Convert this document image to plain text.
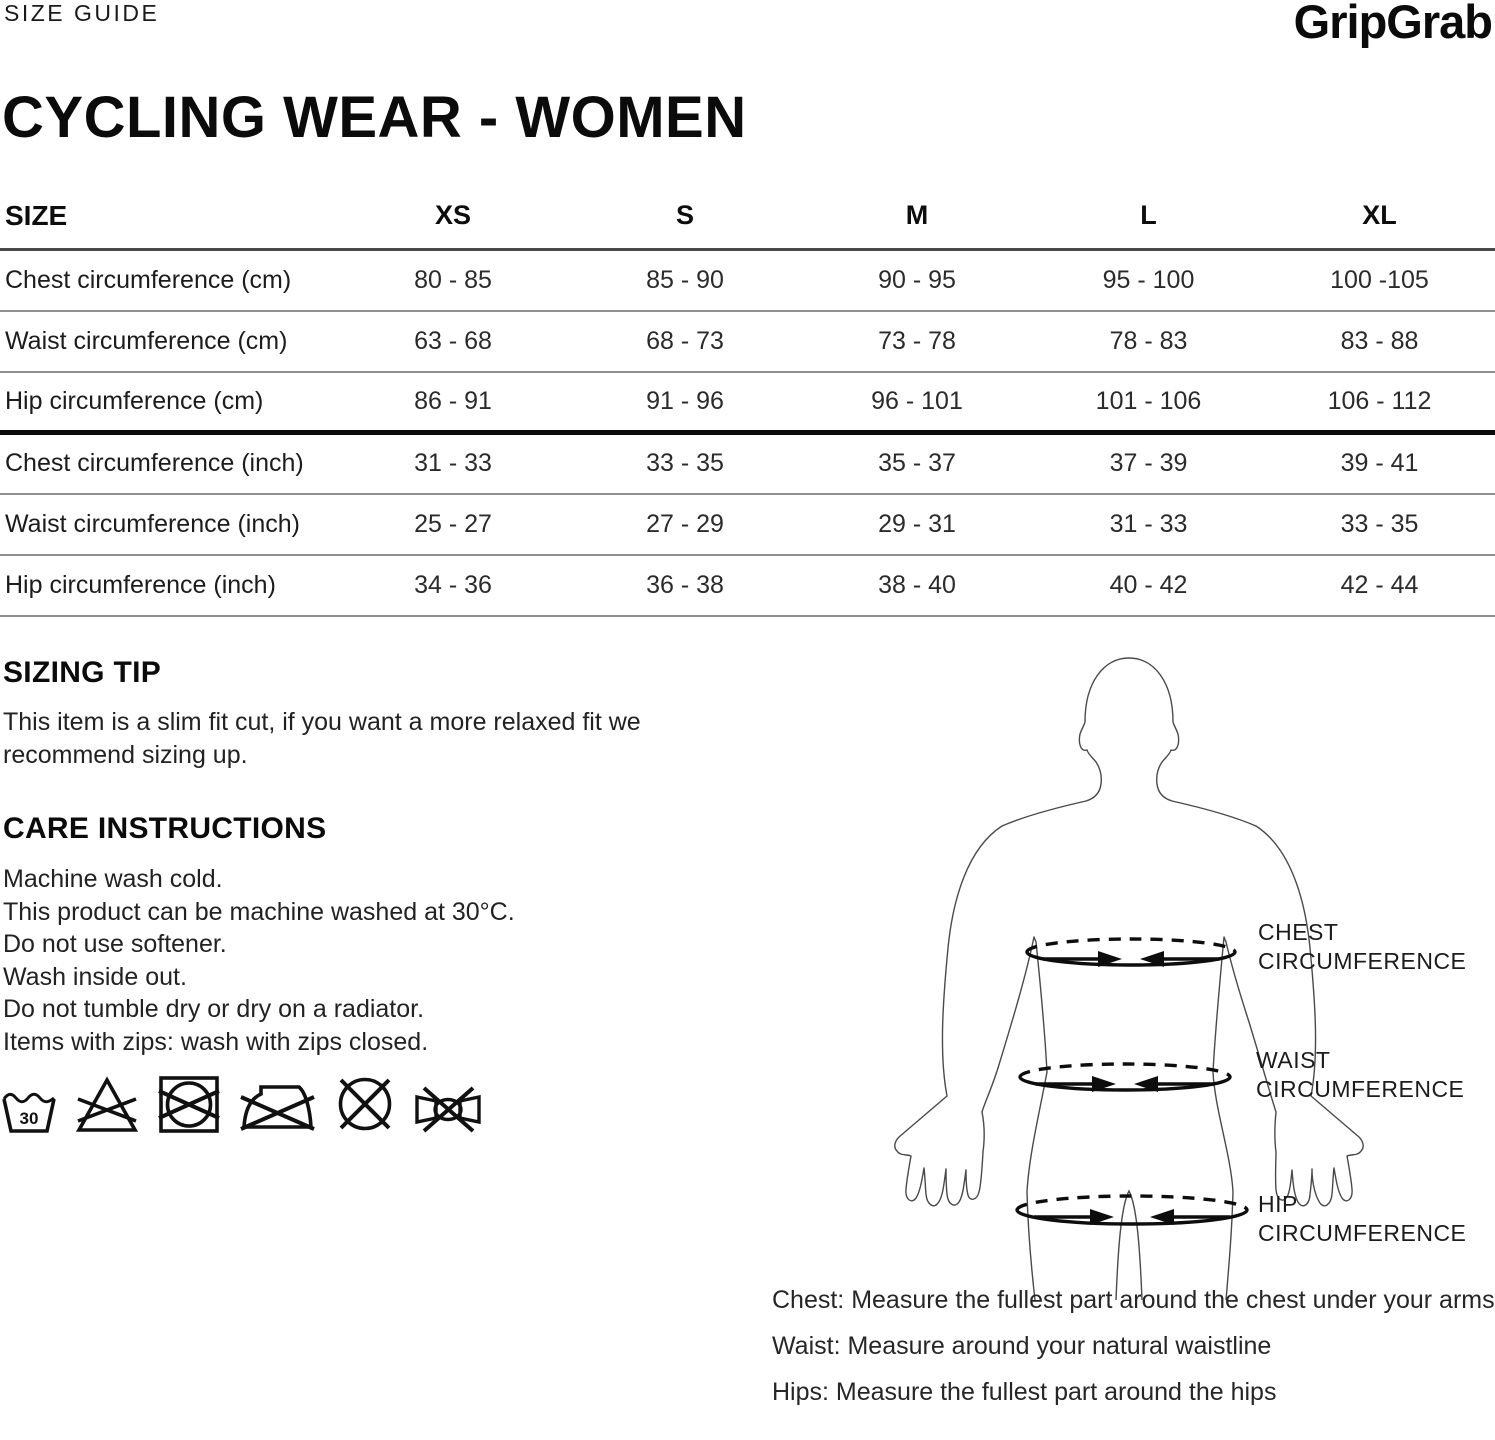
SIZE GUIDE	GripGrab
CYCLING WEAR - WOMEN
SIZE	XS	S	M	L	XL
Chest circumference (cm)	80 - 85	85 - 90	90 - 95	95 - 100	100 -105
Waist circumference (cm)	63 - 68	68 - 73	73 - 78	78 - 83	83 - 88
Hip circumference (cm)	86 - 91	91 - 96	96 - 101	101 - 106	106 - 112
Chest circumference (inch)	31 - 33	33 - 35	35 - 37	37 - 39	39 - 41
Waist circumference (inch)	25 - 27	27 - 29	29 - 31	31 - 33	33 - 35
Hip circumference (inch)	34 - 36	36 - 38	38 - 40	40 - 42	42 - 44
SIZING TIP
This item is a slim fit cut, if you want a more relaxed fit we recommend sizing up.
CARE INSTRUCTIONS
Machine wash cold.
This product can be machine washed at 30°C.
Do not use softener.
Wash inside out.
Do not tumble dry or dry on a radiator.
Items with zips: wash with zips closed.
30
CHEST CIRCUMFERENCE
WAIST CIRCUMFERENCE
HIP CIRCUMFERENCE
Chest: Measure the fullest part around the chest under your arms
Waist: Measure around your natural waistline
Hips: Measure the fullest part around the hips
